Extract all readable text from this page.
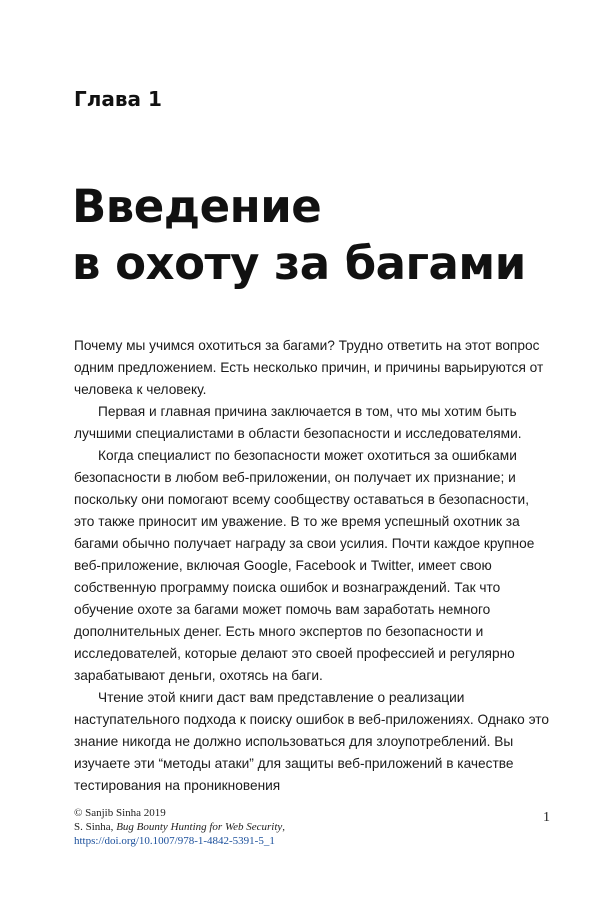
Глава 1
Введение
в охоту за багами

Почему мы учимся охотиться за багами? Трудно ответить на этот вопрос одним предложением. Есть несколько причин, и причины варьируются от человека к человеку.

Первая и главная причина заключается в том, что мы хотим быть лучшими специалистами в области безопасности и исследователями.

Когда специалист по безопасности может охотиться за ошибками безопасности в любом веб-приложении, он получает их признание; и поскольку они помогают всему сообществу оставаться в безопасности, это также приносит им уважение. В то же время успешный охотник за багами обычно получает награду за свои усилия. Почти каждое крупное веб-приложение, включая Google, Facebook и Twitter, имеет свою собственную программу поиска ошибок и вознаграждений. Так что обучение охоте за багами может помочь вам заработать немного дополнительных денег. Есть много экспертов по безопасности и исследователей, которые делают это своей профессией и регулярно зарабатывают деньги, охотясь на баги.

Чтение этой книги даст вам представление о реализации наступательного подхода к поиску ошибок в веб-приложениях. Однако это знание никогда не должно использоваться для злоупотреблений. Вы изучаете эти “методы атаки” для защиты веб-приложений в качестве тестирования на проникновения

© Sanjib Sinha 2019
S. Sinha, Bug Bounty Hunting for Web Security,
https://doi.org/10.1007/978-1-4842-5391-5_1
1
